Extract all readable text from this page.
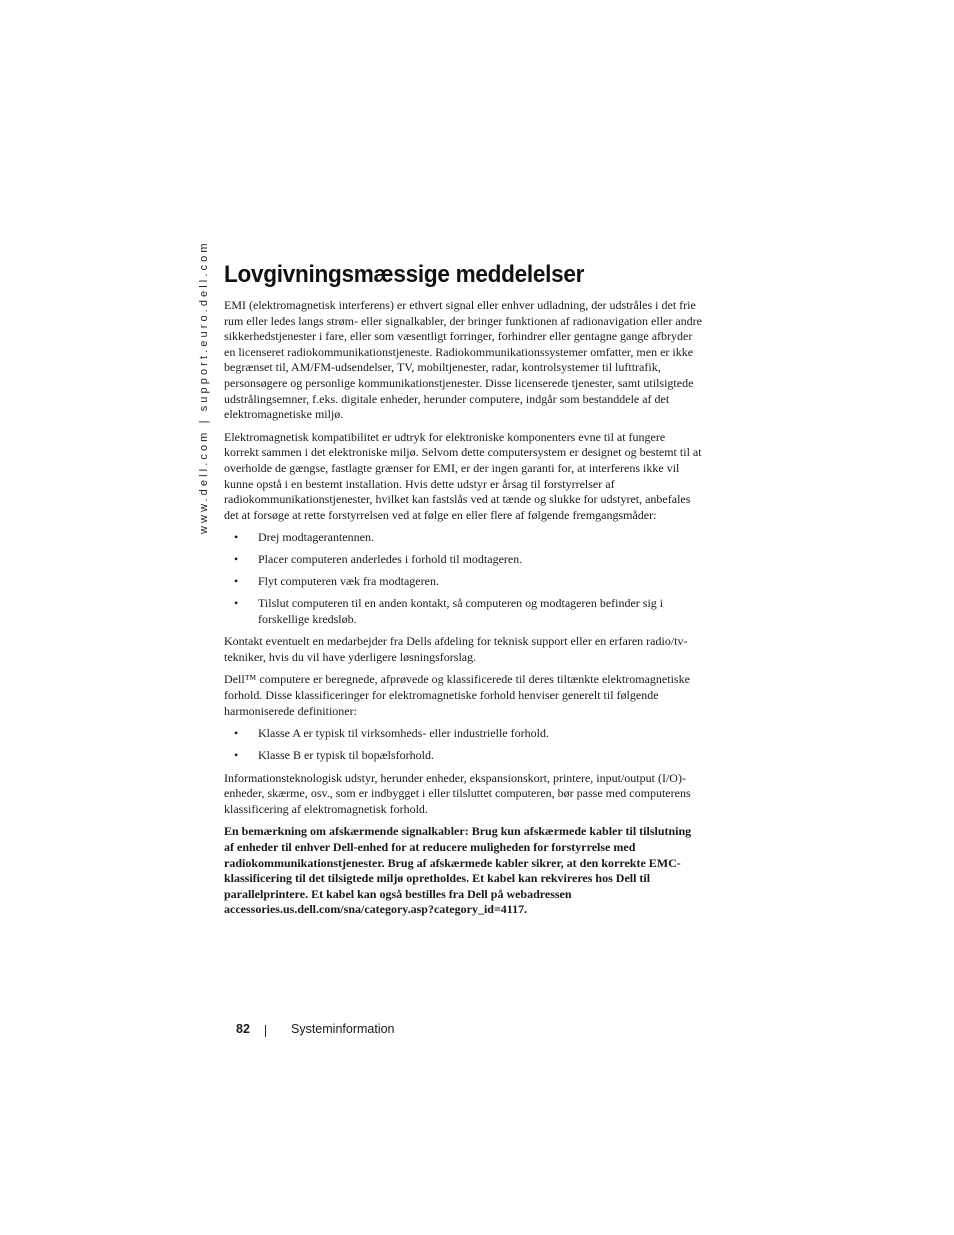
www.dell.com | support.euro.dell.com Lovgivningsmæssige meddelelser

EMI (elektromagnetisk interferens) er ethvert signal eller enhver udladning, der udstråles i det frie rum eller ledes langs strøm- eller signalkabler, der bringer funktionen af radionavigation eller andre sikkerhedstjenester i fare, eller som væsentligt forringer, forhindrer eller gentagne gange afbryder en licenseret radiokommunikationstjeneste. Radiokommunikationssystemer omfatter, men er ikke begrænset til, AM/FM-udsendelser, TV, mobiltjenester, radar, kontrolsystemer til lufttrafik, personsøgere og personlige kommunikationstjenester. Disse licenserede tjenester, samt utilsigtede udstrålingsemner, f.eks. digitale enheder, herunder computere, indgår som bestanddele af det elektromagnetiske miljø.

Elektromagnetisk kompatibilitet er udtryk for elektroniske komponenters evne til at fungere korrekt sammen i det elektroniske miljø. Selvom dette computersystem er designet og bestemt til at overholde de gængse, fastlagte grænser for EMI, er der ingen garanti for, at interferens ikke vil kunne opstå i en bestemt installation. Hvis dette udstyr er årsag til forstyrrelser af radiokommunikationstjenester, hvilket kan fastslås ved at tænde og slukke for udstyret, anbefales det at forsøge at rette forstyrrelsen ved at følge en eller flere af følgende fremgangsmåder:

• Drej modtagerantennen.
• Placer computeren anderledes i forhold til modtageren.
• Flyt computeren væk fra modtageren.
• Tilslut computeren til en anden kontakt, så computeren og modtageren befinder sig i forskellige kredsløb.

Kontakt eventuelt en medarbejder fra Dells afdeling for teknisk support eller en erfaren radio/tv-tekniker, hvis du vil have yderligere løsningsforslag.

Dell™ computere er beregnede, afprøvede og klassificerede til deres tiltænkte elektromagnetiske forhold. Disse klassificeringer for elektromagnetiske forhold henviser generelt til følgende harmoniserede definitioner:

• Klasse A er typisk til virksomheds- eller industrielle forhold.
• Klasse B er typisk til bopælsforhold.

Informationsteknologisk udstyr, herunder enheder, ekspansionskort, printere, input/output (I/O)-enheder, skærme, osv., som er indbygget i eller tilsluttet computeren, bør passe med computerens klassificering af elektromagnetisk forhold.

En bemærkning om afskærmende signalkabler: Brug kun afskærmede kabler til tilslutning af enheder til enhver Dell-enhed for at reducere muligheden for forstyrrelse med radiokommunikationstjenester. Brug af afskærmede kabler sikrer, at den korrekte EMC-klassificering til det tilsigtede miljø opretholdes. Et kabel kan rekvireres hos Dell til parallelprintere. Et kabel kan også bestilles fra Dell på webadressen accessories.us.dell.com/sna/category.asp?category_id=4117.

82	Systeminformation
